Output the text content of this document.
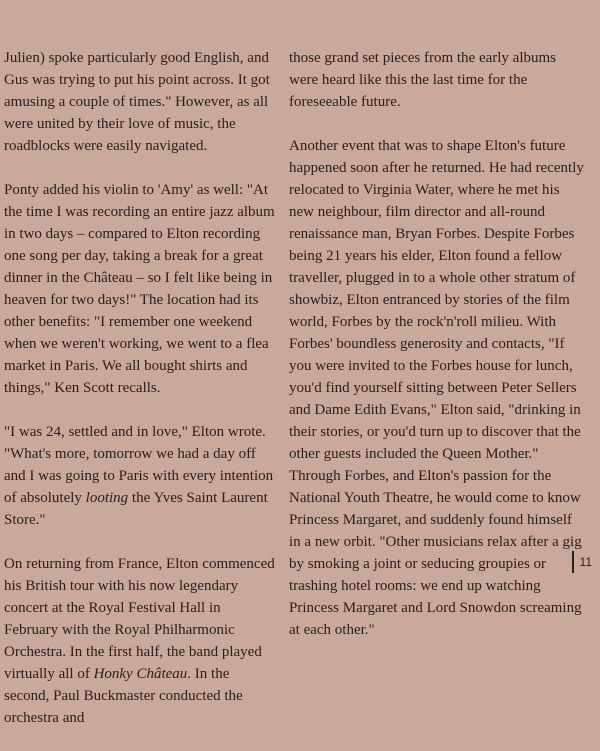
Julien) spoke particularly good English, and Gus was trying to put his point across. It got amusing a couple of times." However, as all were united by their love of music, the roadblocks were easily navigated.

Ponty added his violin to 'Amy' as well: "At the time I was recording an entire jazz album in two days – compared to Elton recording one song per day, taking a break for a great dinner in the Château – so I felt like being in heaven for two days!" The location had its other benefits: "I remember one weekend when we weren't working, we went to a flea market in Paris. We all bought shirts and things," Ken Scott recalls.

"I was 24, settled and in love," Elton wrote. "What's more, tomorrow we had a day off and I was going to Paris with every intention of absolutely looting the Yves Saint Laurent Store."

On returning from France, Elton commenced his British tour with his now legendary concert at the Royal Festival Hall in February with the Royal Philharmonic Orchestra. In the first half, the band played virtually all of Honky Château. In the second, Paul Buckmaster conducted the orchestra and

those grand set pieces from the early albums were heard like this the last time for the foreseeable future.

Another event that was to shape Elton's future happened soon after he returned. He had recently relocated to Virginia Water, where he met his new neighbour, film director and all-round renaissance man, Bryan Forbes. Despite Forbes being 21 years his elder, Elton found a fellow traveller, plugged in to a whole other stratum of showbiz, Elton entranced by stories of the film world, Forbes by the rock'n'roll milieu. With Forbes' boundless generosity and contacts, "If you were invited to the Forbes house for lunch, you'd find yourself sitting between Peter Sellers and Dame Edith Evans," Elton said, "drinking in their stories, or you'd turn up to discover that the other guests included the Queen Mother." Through Forbes, and Elton's passion for the National Youth Theatre, he would come to know Princess Margaret, and suddenly found himself in a new orbit. "Other musicians relax after a gig by smoking a joint or seducing groupies or trashing hotel rooms: we end up watching Princess Margaret and Lord Snowdon screaming at each other."

11
